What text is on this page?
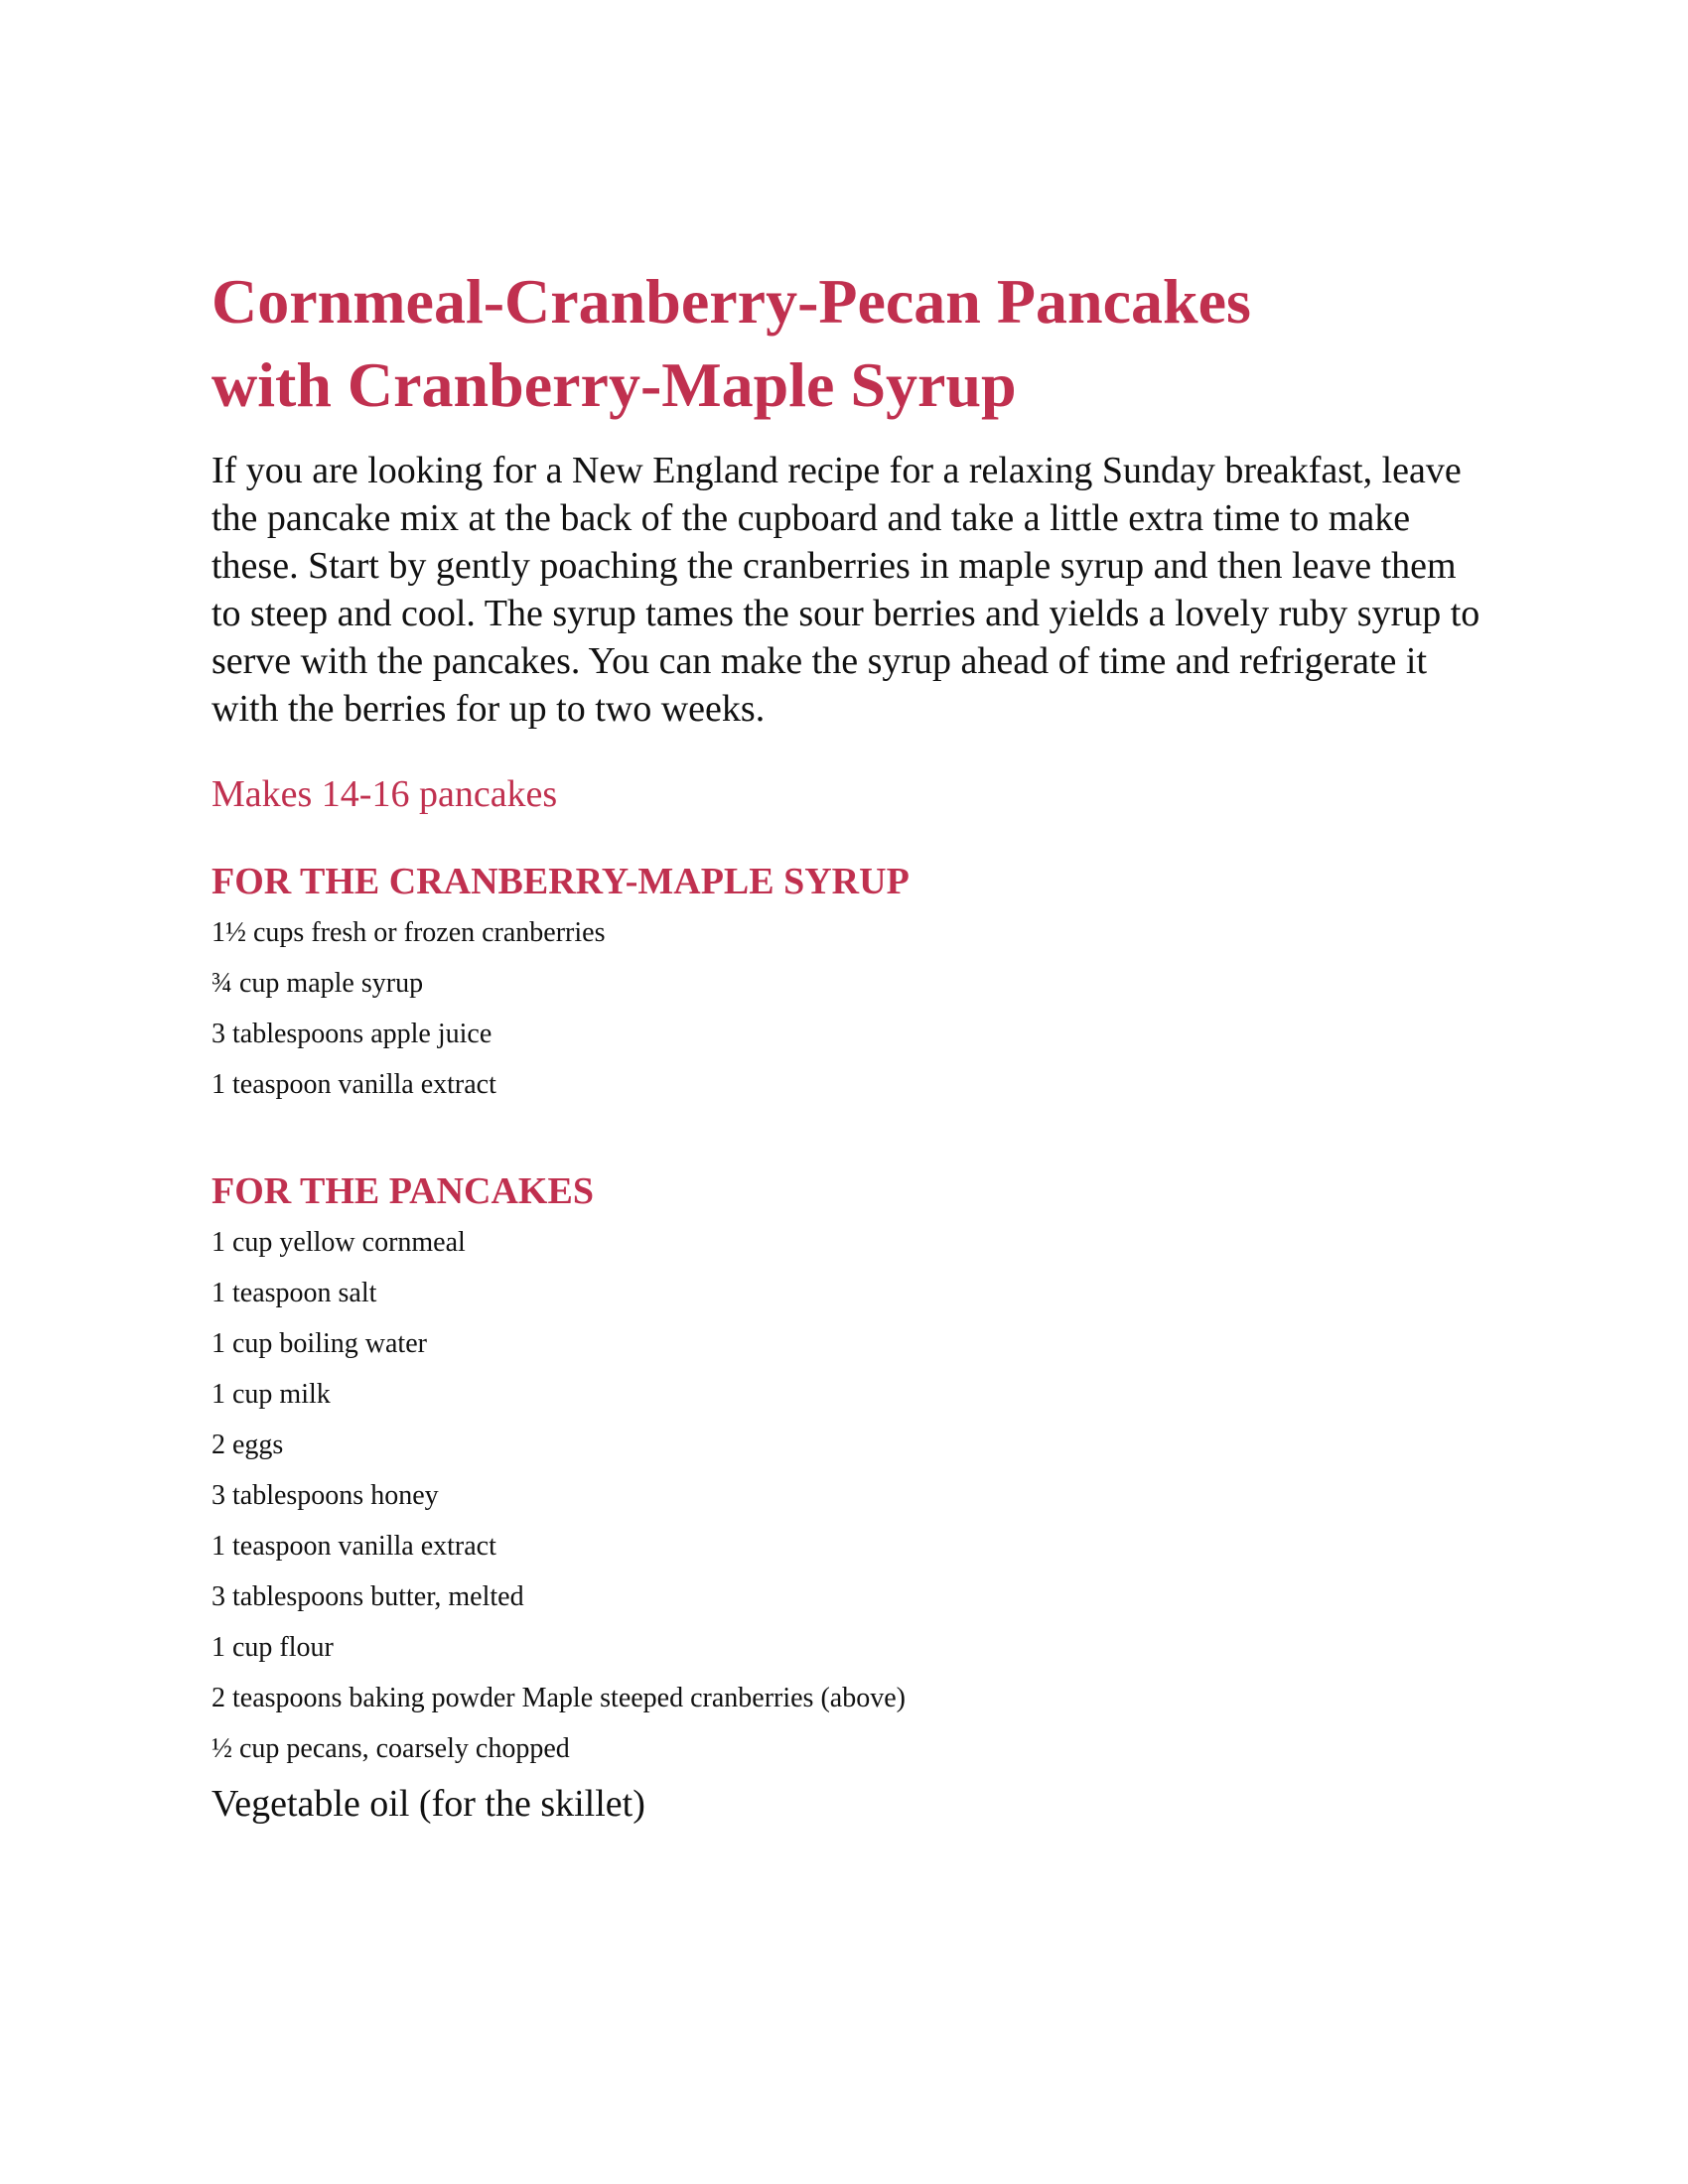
Cornmeal-Cranberry-Pecan Pancakes
with Cranberry-Maple Syrup

If you are looking for a New England recipe for a relaxing Sunday breakfast, leave the pancake mix at the back of the cupboard and take a little extra time to make these. Start by gently poaching the cranberries in maple syrup and then leave them to steep and cool. The syrup tames the sour berries and yields a lovely ruby syrup to serve with the pancakes. You can make the syrup ahead of time and refrigerate it with the berries for up to two weeks.

Makes 14-16 pancakes
FOR THE CRANBERRY-MAPLE SYRUP
1½ cups fresh or frozen cranberries
¾ cup maple syrup
3 tablespoons apple juice
1 teaspoon vanilla extract
FOR THE PANCAKES
1 cup yellow cornmeal
1 teaspoon salt
1 cup boiling water
1 cup milk
2 eggs
3 tablespoons honey
1 teaspoon vanilla extract
3 tablespoons butter, melted
1 cup flour
2 teaspoons baking powder Maple steeped cranberries (above)
½ cup pecans, coarsely chopped
Vegetable oil (for the skillet)
